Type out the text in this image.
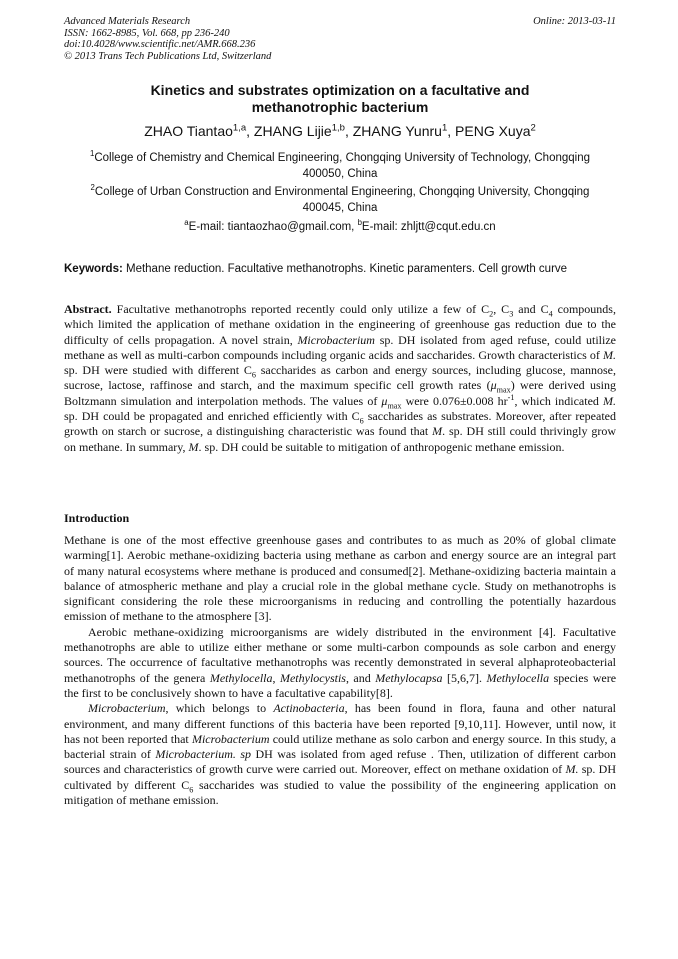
Advanced Materials Research
ISSN: 1662-8985, Vol. 668, pp 236-240
doi:10.4028/www.scientific.net/AMR.668.236
© 2013 Trans Tech Publications Ltd, Switzerland
Online: 2013-03-11
Kinetics and substrates optimization on a facultative and
methanotrophic bacterium
ZHAO Tiantao$^{1,a}$, ZHANG Lijie$^{1,b}$, ZHANG Yunru$^1$, PENG Xuya$^2$
$^1$College of Chemistry and Chemical Engineering, Chongqing University of Technology, Chongqing
400050, China
$^2$College of Urban Construction and Environmental Engineering, Chongqing University, Chongqing
400045, China
$^a$E-mail: tiantaozhao@gmail.com, $^b$E-mail: zhljtt@cqut.edu.cn
Keywords: Methane reduction. Facultative methanotrophs. Kinetic paramenters. Cell growth curve

Abstract. Facultative methanotrophs reported recently could only utilize a few of $C_2$, $C_3$ and $C_4$ compounds, which limited the application of methane oxidation in the engineering of greenhouse gas reduction due to the difficulty of cells propagation. A novel strain, Microbacterium sp. DH isolated from aged refuse, could utilize methane as well as multi-carbon compounds including organic acids and saccharides. Growth characteristics of M. sp. DH were studied with different $C_6$ saccharides as carbon and energy sources, including glucose, mannose, sucrose, lactose, raffinose and starch, and the maximum specific cell growth rates $(\mu_{max})$ were derived using Boltzmann simulation and interpolation methods. The values of $\mu_{max}$ were 0.076±0.008 $hr^{-1}$, which indicated M. sp. DH could be propagated and enriched efficiently with $C_6$ saccharides as substrates. Moreover, after repeated growth on starch or sucrose, a distinguishing characteristic was found that M. sp. DH still could thrivingly grow on methane. In summary, M. sp. DH could be suitable to mitigation of anthropogenic methane emission.

Introduction

Methane is one of the most effective greenhouse gases and contributes to as much as 20% of global climate warming[1]. Aerobic methane-oxidizing bacteria using methane as carbon and energy source are an integral part of many natural ecosystems where methane is produced and consumed[2]. Methane-oxidizing bacteria maintain a balance of atmospheric methane and play a crucial role in the global methane cycle. Study on methanotrophs is significant considering the role these microorganisms in reducing and controlling the potentially hazardous emission of methane to the atmosphere [3].

Aerobic methane-oxidizing microorganisms are widely distributed in the environment [4]. Facultative methanotrophs are able to utilize either methane or some multi-carbon compounds as sole carbon and energy sources. The occurrence of facultative methanotrophs was recently demonstrated in several alphaproteobacterial methanotrophs of the genera Methylocella, Methylocystis, and Methylocapsa [5,6,7]. Methylocella species were the first to be conclusively shown to have a facultative capability[8].

Microbacterium, which belongs to Actinobacteria, has been found in flora, fauna and other natural environment, and many different functions of this bacteria have been reported [9,10,11]. However, until now, it has not been reported that Microbacterium could utilize methane as solo carbon and energy source. In this study, a bacterial strain of Microbacterium. sp DH was isolated from aged refuse . Then, utilization of different carbon sources and characteristics of growth curve were carried out. Moreover, effect on methane oxidation of M. sp. DH cultivated by different $C_6$ saccharides was studied to value the possibility of the engineering application on mitigation of methane emission.
